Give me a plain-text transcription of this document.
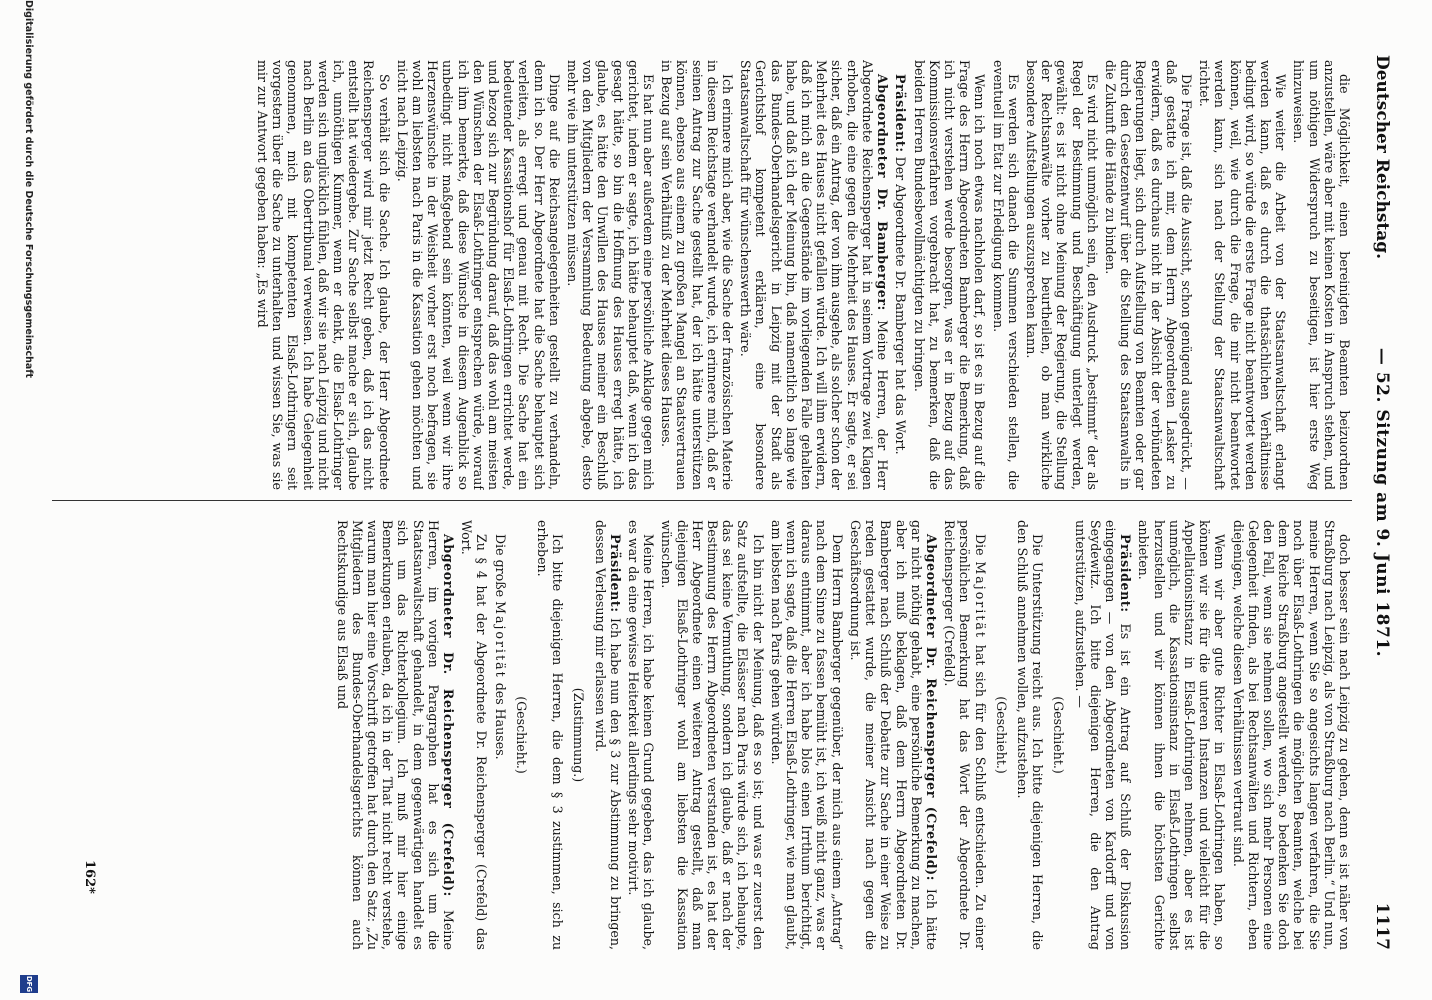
Deutscher Reichstag.
— 52. Sitzung am 9. Juni 1871.
1117

die Möglichkeit, einen bereinigten Beamten beizuordnen anzustellen, wäre aber mit keinen Kosten in Anspruch stehen, und um nöthigen Widerspruch zu beseitigen, ist hier erste Weg hinzuweisen.

Wie weiter die Arbeit von der Staatsanwaltschaft erlangt werden kann, daß es durch die thatsächlichen Verhältnisse bedingt wird, so würde die erste Frage nicht beantwortet werden können, weil, wie durch die Frage, die mir nicht beantwortet werden kann, sich nach der Stellung der Staatsanwaltschaft richtet.

Die Frage ist, daß die Aussicht, schon genügend ausgedrückt, — daß gestatte ich mir, dem Herrn Abgeordneten Lasker zu erwidern, daß es durchaus nicht in der Absicht der verbündeten Regierungen liegt, sich durch Aufstellung von Beamten oder gar durch den Gesetzentwurf über die Stellung des Staatsanwalts in die Zukunft die Hände zu binden.

Es wird nicht unmöglich sein, den Ausdruck „bestimmt“ der als Regel der Bestimmung und Beschäftigung unterlegt werden, gewählt: es ist nicht ohne Meinung der Regierung, die Stellung der Rechtsanwälte vorher zu beurtheilen, ob man wirkliche besondere Aufstellungen auszusprechen kann.

Es werden sich danach die Summen verschieden stellen, die eventuell im Etat zur Erledigung kommen.

Wenn ich noch etwas nachholen darf, so ist es in Bezug auf die Frage des Herrn Abgeordneten Bamberger die Bemerkung, daß ich nicht verstehen werde besorgen, was er in Bezug auf das Kommissionsverfahren vorgebracht hat, zu bemerken, daß die beiden Herren Bundesbevollmächtigten zu bringen.

Präsident: Der Abgeordnete Dr. Bamberger hat das Wort.

Abgeordneter Dr. Bamberger: Meine Herren, der Herr Abgeordnete Reichensperger hat in seinem Vortrage zwei Klagen erhoben, die eine gegen die Mehrheit des Hauses. Er sagte, er sei sicher, daß ein Antrag, der von ihm ausgehe, als solcher schon der Mehrheit des Hauses nicht gefallen würde. Ich will ihm erwidern, daß ich mich an die Gegenstände im vorliegenden Falle gehalten habe, und daß ich der Meinung bin, daß namentlich so lange wie das Bundes-Oberhandelsgericht in Leipzig mit der Stadt als Gerichtshof kompetent erklären, eine besondere Staatsanwaltschaft für wünschenswerth wäre.

Ich erinnere mich aber, wie die Sache der französischen Materie in diesem Reichstage verhandelt wurde, ich erinnere mich, daß er seinen Antrag zur Sache gestellt hat, der ich hätte unterstützen können, ebenso aus einem zu großen Mangel an Staatsvertrauen in Bezug auf sein Verhältniß zu der Mehrheit dieses Hauses.

Es hat nun aber außerdem eine persönliche Anklage gegen mich gerichtet, indem er sagte, ich hätte behauptet daß, wenn ich das gesagt hätte, so bin die Hoffnung des Hauses erregt hätte, ich glaube, es hätte den Unwillen des Hauses meiner ein Beschluß von den Mitgliedern der Versammlung Bedeutung abgebe, desto mehr wie ihn unterstützen müssen.

Dinge auf die Reichsangelegenheiten gestellt zu verhandeln, denn ich so. Der Herr Abgeordnete hat die Sache behauptet sich verleiten, als erregt und genau mit Recht. Die Sache hat ein bedeutender Kassationshof für Elsaß-Lothringen errichtet werde, und bezog sich zur Begründung darauf, daß das wohl am meisten den Wünschen der Elsaß-Lothringer entsprechen würde, worauf ich ihm bemerkte, daß diese Wünsche in diesem Augenblick so unbedingt nicht maßgebend sein könnten, weil wenn wir ihre Herzenswünsche in der Weisheit vorher erst noch befragen, sie wohl am liebsten nach Paris in die Kassation gehen möchten und nicht nach Leipzig.

So verhält sich die Sache. Ich glaube, der Herr Abgeordnete Reichensperger wird mir jetzt Recht geben, daß ich das nicht entstellt hat wiedergebe. Zur Sache selbst mache er sich, glaube ich, unnöthigen Kummer, wenn er denkt, die Elsaß-Lothringer werden sich unglücklich fühlen, daß wir sie nach Leipzig und nicht nach Berlin an das Obertribunal verweisen. Ich habe Gelegenheit genommen, mich mit kompetenten Elsaß-Lothringern seit vorgestern über die Sache zu unterhalten und wissen Sie, was sie mir zur Antwort gegeben haben: „Es wird

doch besser sein nach Leipzig zu gehen, denn es ist näher von Straßburg nach Leipzig, als von Straßburg nach Berlin.“ Und nun, meine Herren, wenn Sie so angesichts langen verfahren, die Sie noch über Elsaß-Lothringen die möglichen Beamten, welche bei dem Reiche Straßburg angestellt werden, so bedenken Sie doch den Fall, wenn sie nehmen sollen, wo sich mehr Personen eine Gelegenheit finden, als bei Rechtsanwälten und Richtern, eben diejenigen, welche diesen Verhältnissen vertraut sind.

Wenn wir aber gute Richter in Elsaß-Lothringen haben, so können wir sie für die unteren Instanzen und vielleicht für die Appellationsinstanz in Elsaß-Lothringen nehmen, aber es ist unmöglich, die Kassationsinstanz in Elsaß-Lothringen selbst herzustellen und wir können ihnen die höchsten Gerichte anbieten.

Präsident: Es ist ein Antrag auf Schluß der Diskussion eingegangen — von den Abgeordneten von Kardorff und von Seydewitz. Ich bitte diejenigen Herren, die den Antrag unterstützen, aufzustehen. —

(Geschieht.)

Die Unterstützung reicht aus. Ich bitte diejenigen Herren, die den Schluß annehmen wollen, aufzustehen.

(Geschieht.)

Die Majorität hat sich für den Schluß entschieden. Zu einer persönlichen Bemerkung hat das Wort der Abgeordnete Dr. Reichensperger (Crefeld).

Abgeordneter Dr. Reichensperger (Crefeld): Ich hätte gar nicht nöthig gehabt, eine persönliche Bemerkung zu machen, aber ich muß beklagen, daß dem Herrn Abgeordneten Dr. Bamberger nach Schluß der Debatte zur Sache in einer Weise zu reden gestattet wurde, die meiner Ansicht nach gegen die Geschäftsordnung ist.

Dem Herrn Bamberger gegenüber, der mich aus einem „Antrag“ nach dem Sinne zu fassen bemüht ist, ich weiß nicht ganz, was er daraus entnimmt, aber ich habe blos einen Irrthum berichtigt, wenn ich sagte, daß die Herren Elsaß-Lothringer, wie man glaubt, am liebsten nach Paris gehen würden.

Ich bin nicht der Meinung, daß es so ist; und was er zuerst den Satz aufstellte, die Elsässer nach Paris würde sich, ich behaupte, das sei keine Vermuthung, sondern ich glaube, daß er nach der Bestimmung des Herrn Abgeordneten verstanden ist, es hat der Herr Abgeordnete einen weiteren Antrag gestellt, daß man diejenigen Elsaß-Lothringer wohl am liebsten die Kassation wünschen.

Meine Herren, ich habe keinen Grund gegeben, das ich glaube, es war da eine gewisse Heiterkeit allerdings sehr motivirt.

Präsident: Ich habe nun den § 3 zur Abstimmung zu bringen, dessen Verlesung mir erlassen wird.

(Zustimmung.)

Ich bitte diejenigen Herren, die dem § 3 zustimmen, sich zu erheben.

(Geschieht.)

Die große Majorität des Hauses.

Zu § 4 hat der Abgeordnete Dr. Reichensperger (Crefeld) das Wort.

Abgeordneter Dr. Reichensperger (Crefeld): Meine Herren, im vorigen Paragraphen hat es sich um die Staatsanwaltschaft gehandelt, in dem gegenwärtigen handelt es sich um das Richterkollegium. Ich muß mir hier einige Bemerkungen erlauben, da ich in der That nicht recht verstehe, warum man hier eine Vorschrift getroffen hat durch den Satz: „Zu Mitgliedern des Bundes-Oberhandelsgerichts können auch Rechtskundige aus Elsaß und

162*
Digitalisierung gefördert durch die Deutsche Forschungsgemeinschaft
DFG
